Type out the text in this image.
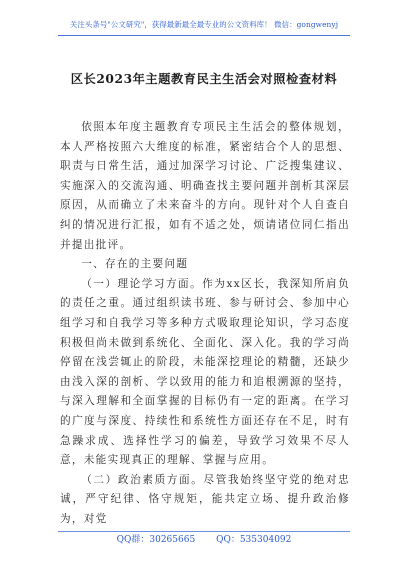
关注头条号"公文研究"，获得最新最全最专业的公文资料库！ 微信：gongwenyj
区长2023年主题教育民主生活会对照检查材料

依照本年度主题教育专项民主生活会的整体规划，本人严格按照六大维度的标准，紧密结合个人的思想、职责与日常生活，通过加深学习讨论、广泛搜集建议、实施深入的交流沟通、明确查找主要问题并剖析其深层原因，从而确立了未来奋斗的方向。现针对个人自查自纠的情况进行汇报，如有不适之处，烦请诸位同仁指出并提出批评。

一、存在的主要问题

（一）理论学习方面。作为xx区长，我深知所肩负的责任之重。通过组织读书班、参与研讨会、参加中心组学习和自我学习等多种方式吸取理论知识，学习态度积极但尚未做到系统化、全面化、深入化。我的学习尚停留在浅尝辄止的阶段，未能深挖理论的精髓，还缺少由浅入深的剖析、学以致用的能力和追根溯源的坚持，与深入理解和全面掌握的目标仍有一定的距离。在学习的广度与深度、持续性和系统性方面还存在不足，时有急躁求成、选择性学习的偏差，导致学习效果不尽人意，未能实现真正的理解、掌握与应用。

（二）政治素质方面。尽管我始终坚守党的绝对忠诚，严守纪律、恪守规矩，能共定立场、提升政治修为，对党

QQ群：30265665 QQ：535304092
